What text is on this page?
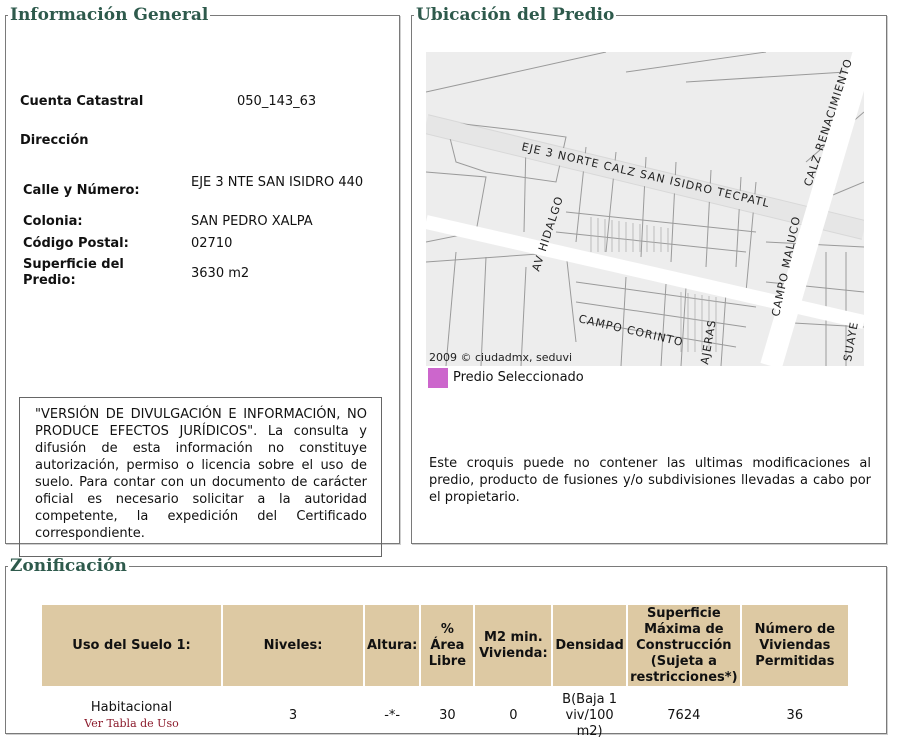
Información General
Cuenta Catastral	050_143_63
Dirección
Calle y Número:
EJE 3 NTE SAN ISIDRO 440
Colonia:	SAN PEDRO XALPA
Código Postal:	02710
Superficie del Predio:	3630 m2
"VERSIÓN DE DIVULGACIÓN E INFORMACIÓN, NO PRODUCE EFECTOS JURÍDICOS". La consulta y difusión de esta información no constituye autorización, permiso o licencia sobre el uso de suelo. Para contar con un documento de carácter oficial es necesario solicitar a la autoridad competente, la expedición del Certificado correspondiente.
Ubicación del Predio
EJE 3 NORTE CALZ SAN ISIDRO TECPATL	CALZ RENACIMIENTO
AV HIDALGO	CAMPO MALUCO
CAMPO CORINTO AJERAS	SUAYE
2009 © ciudadmx, seduvi
Predio Seleccionado
Este croquis puede no contener las ultimas modificaciones al predio, producto de fusiones y/o subdivisiones llevadas a cabo por el propietario.
Zonificación
Uso del Suelo 1:	Niveles:	Altura:	% Área Libre	M2 min. Vivienda:	Densidad	Superficie Máxima de Construcción (Sujeta a restricciones*)	Número de Viviendas Permitidas

Habitacional
Ver Tabla de Uso	3	-*-	30	0	B(Baja 1 viv/100 m2)	7624	36
